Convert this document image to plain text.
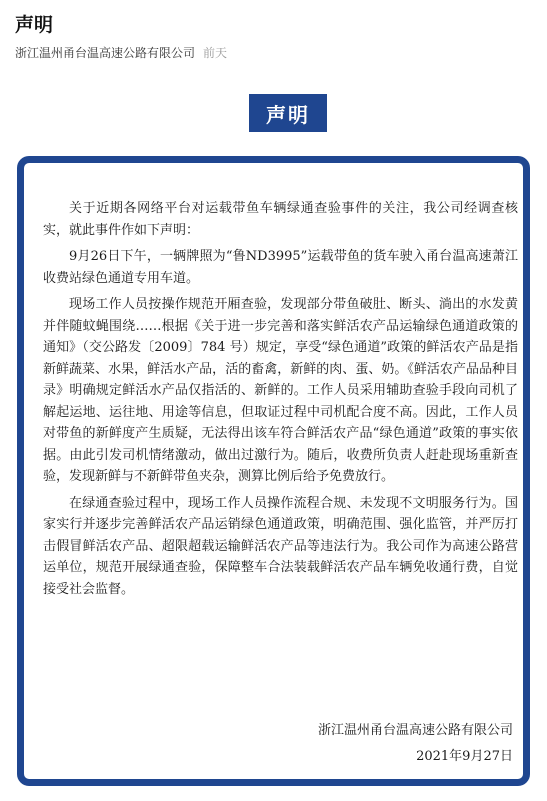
声明
浙江温州甬台温高速公路有限公司 前天
声明

关于近期各网络平台对运载带鱼车辆绿通查验事件的关注，我公司经调查核实，就此事件作如下声明：

9月26日下午，一辆牌照为“鲁ND3995”运载带鱼的货车驶入甬台温高速萧江收费站绿色通道专用车道。

现场工作人员按操作规范开厢查验，发现部分带鱼破肚、断头、淌出的水发黄并伴随蚊蝇围绕……根据《关于进一步完善和落实鲜活农产品运输绿色通道政策的通知》（交公路发〔2009〕784 号）规定，享受“绿色通道”政策的鲜活农产品是指新鲜蔬菜、水果，鲜活水产品，活的畜禽，新鲜的肉、蛋、奶。《鲜活农产品品种目录》明确规定鲜活水产品仅指活的、新鲜的。工作人员采用辅助查验手段向司机了解起运地、运往地、用途等信息，但取证过程中司机配合度不高。因此，工作人员对带鱼的新鲜度产生质疑，无法得出该车符合鲜活农产品“绿色通道”政策的事实依据。由此引发司机情绪激动，做出过激行为。随后，收费所负责人赶赴现场重新查验，发现新鲜与不新鲜带鱼夹杂，测算比例后给予免费放行。

在绿通查验过程中，现场工作人员操作流程合规、未发现不文明服务行为。国家实行并逐步完善鲜活农产品运销绿色通道政策，明确范围、强化监管，并严厉打击假冒鲜活农产品、超限超载运输鲜活农产品等违法行为。我公司作为高速公路营运单位，规范开展绿通查验，保障整车合法装载鲜活农产品车辆免收通行费，自觉接受社会监督。

浙江温州甬台温高速公路有限公司
2021年9月27日
